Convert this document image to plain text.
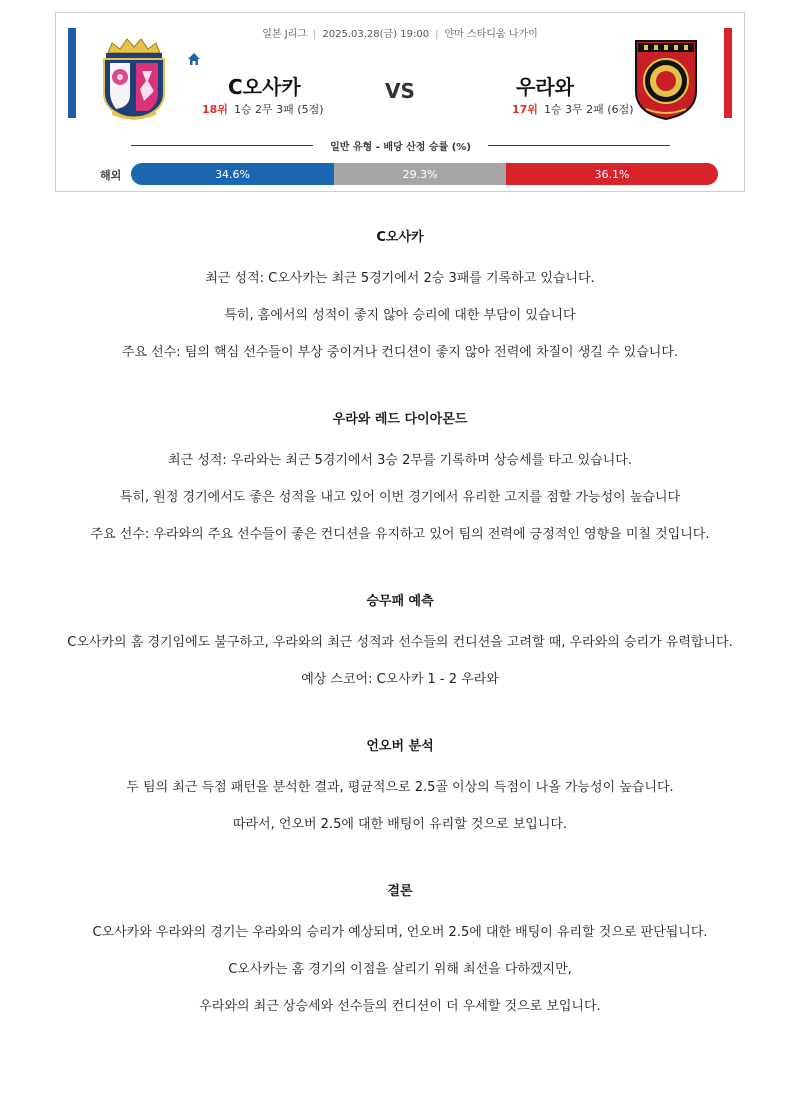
일본 J리그 | 2025.03.28(금) 19:00 | 얀마 스타디움 나가이
C오사카
18위 1승 2무 3패 (5점)
VS	우라와
17위 1승 3무 2패 (6점)
일반 유형 - 배당 산정 승률 (%)
해외	34.6%	29.3%	36.1%
C오사카

최근 성적: C오사카는 최근 5경기에서 2승 3패를 기록하고 있습니다.

특히, 홈에서의 성적이 좋지 않아 승리에 대한 부담이 있습니다

주요 선수: 팀의 핵심 선수들이 부상 중이거나 컨디션이 좋지 않아 전력에 차질이 생길 수 있습니다.

우라와 레드 다이아몬드

최근 성적: 우라와는 최근 5경기에서 3승 2무를 기록하며 상승세를 타고 있습니다.

특히, 원정 경기에서도 좋은 성적을 내고 있어 이번 경기에서 유리한 고지를 점할 가능성이 높습니다

주요 선수: 우라와의 주요 선수들이 좋은 컨디션을 유지하고 있어 팀의 전력에 긍정적인 영향을 미칠 것입니다.

승무패 예측

C오사카의 홈 경기임에도 불구하고, 우라와의 최근 성적과 선수들의 컨디션을 고려할 때, 우라와의 승리가 유력합니다.

예상 스코어: C오사카 1 - 2 우라와

언오버 분석

두 팀의 최근 득점 패턴을 분석한 결과, 평균적으로 2.5골 이상의 득점이 나올 가능성이 높습니다.

따라서, 언오버 2.5에 대한 배팅이 유리할 것으로 보입니다.

결론

C오사카와 우라와의 경기는 우라와의 승리가 예상되며, 언오버 2.5에 대한 배팅이 유리할 것으로 판단됩니다.

C오사카는 홈 경기의 이점을 살리기 위해 최선을 다하겠지만,

우라와의 최근 상승세와 선수들의 컨디션이 더 우세할 것으로 보입니다.
